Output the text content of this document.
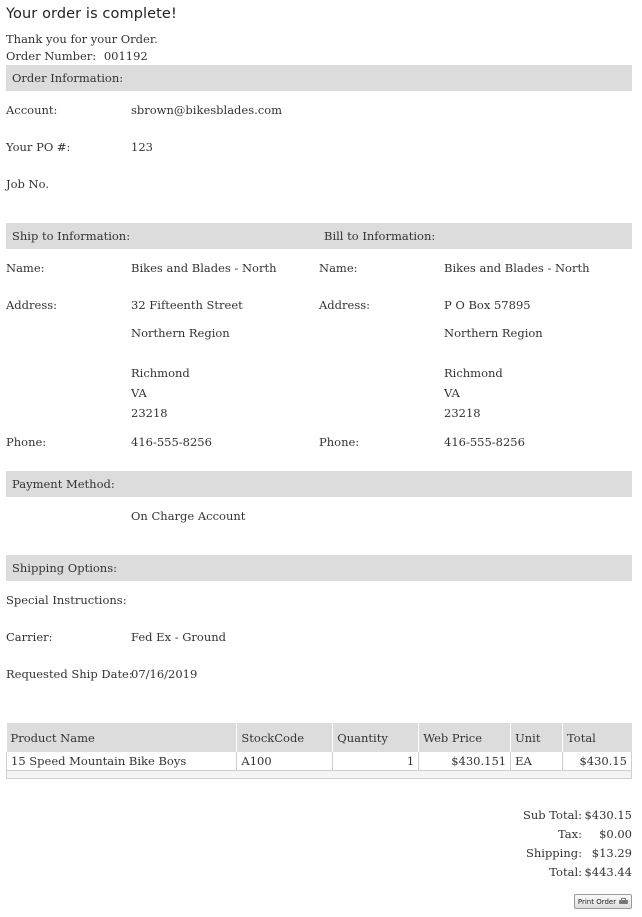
Your order is complete!
Thank you for your Order.
Order Number: 001192
Order Information:
Account:	sbrown@bikesblades.com
Your PO #:	123
Job No.
Ship to Information:	Bill to Information:
Name:	Bikes and Blades - North	Name:	Bikes and Blades - North
Address:	32 Fifteenth Street
Northern Region
Richmond
VA
23218
Address:	P O Box 57895
Northern Region
Richmond
VA
23218
Phone:	416-555-8256	Phone:	416-555-8256
Payment Method:
On Charge Account
Shipping Options:
Special Instructions:
Carrier:	Fed Ex - Ground
Requested Ship Date:
07/16/2019
Product Name	StockCode	Quantity	Web Price	Unit	Total
15 Speed Mountain Bike Boys	A100	1	$430.151	EA	$430.15
Sub Total: $430.15
Tax: $0.00
Shipping: $13.29
Total: $443.44
Print Order
